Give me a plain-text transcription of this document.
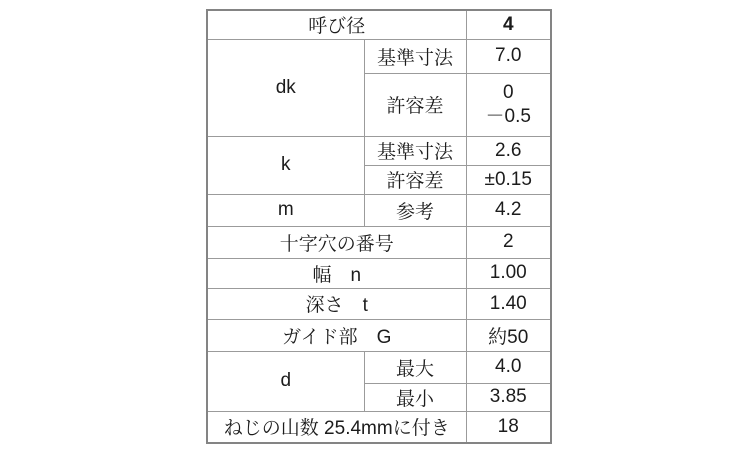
呼び径		4
dk	基準寸法	7.0
	許容差	0
－0.5

k	基準寸法	2.6
	許容差	±0.15
m	参考	4.2
十字穴の番号		2
幅　n		1.00
深さ　t		1.40
ガイド部　G		約50
d	最大	4.0
	最小	3.85
ねじの山数 25.4mmに付き		18
